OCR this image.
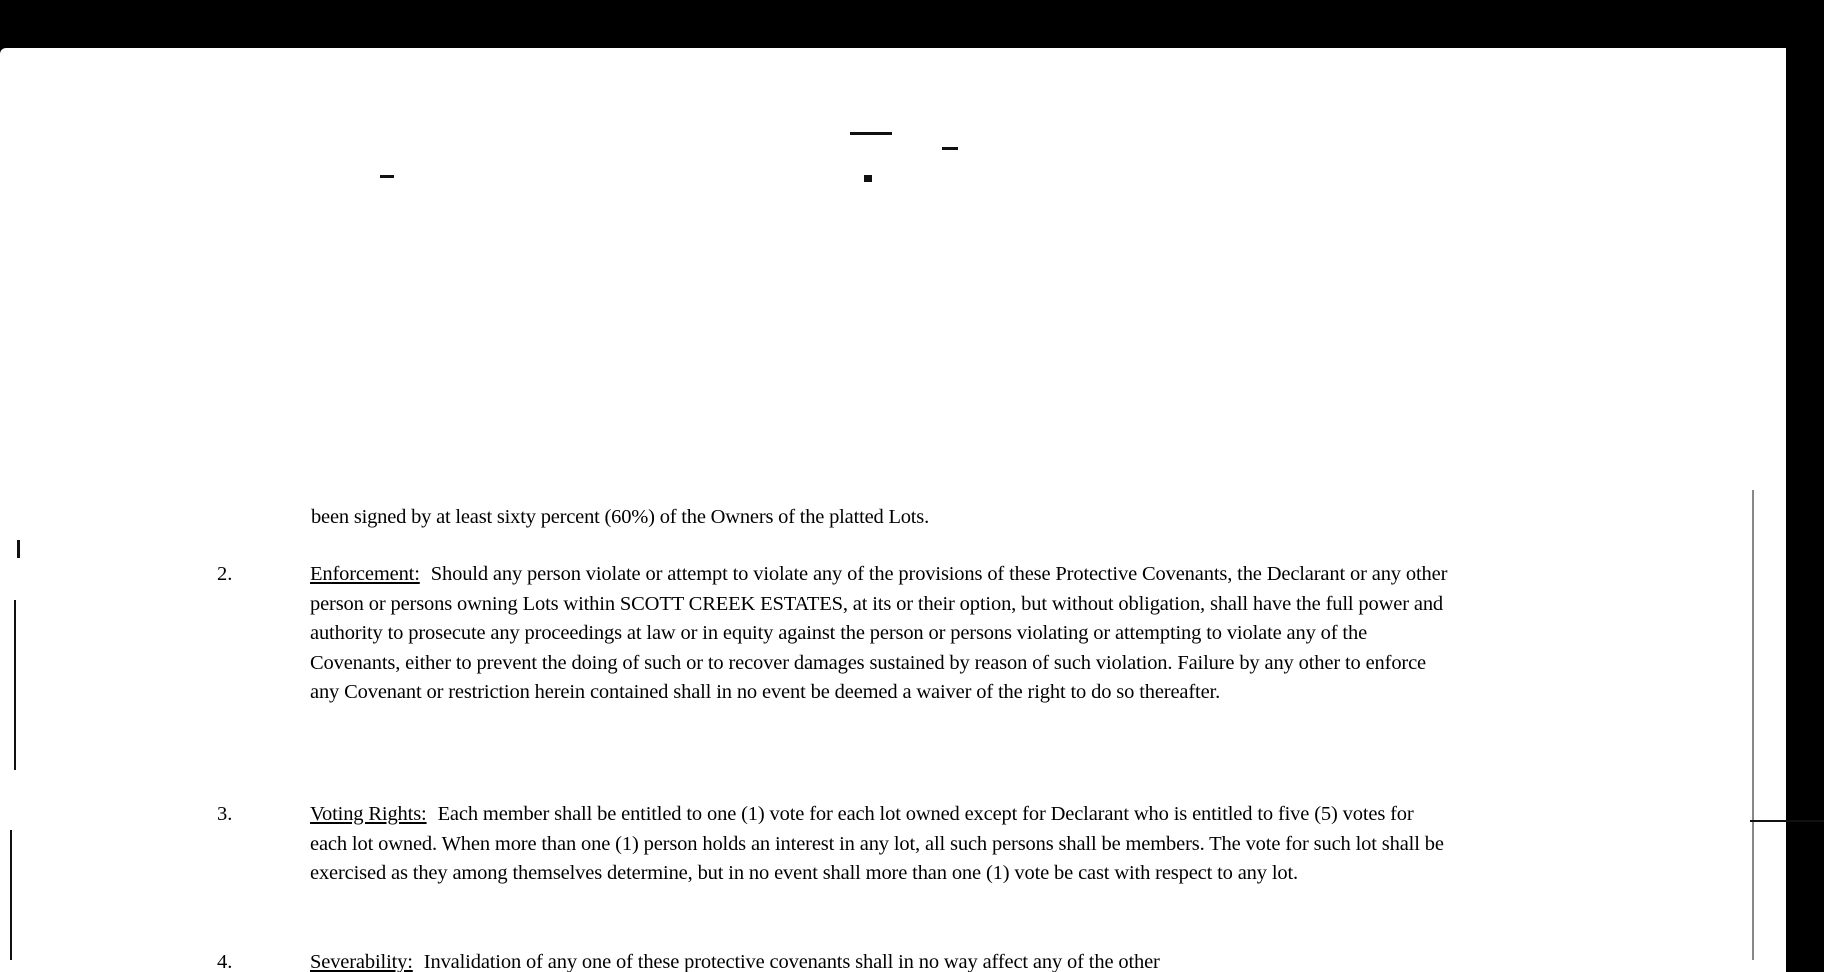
been signed by at least sixty percent (60%) of the Owners of the platted Lots.
2.	Enforcement: Should any person violate or attempt to violate any of the provisions of these Protective Covenants, the Declarant or any other person or persons owning Lots within SCOTT CREEK ESTATES, at its or their option, but without obligation, shall have the full power and authority to prosecute any proceedings at law or in equity against the person or persons violating or attempting to violate any of the Covenants, either to prevent the doing of such or to recover damages sustained by reason of such violation. Failure by any other to enforce any Covenant or restriction herein contained shall in no event be deemed a waiver of the right to do so thereafter.
3.	Voting Rights: Each member shall be entitled to one (1) vote for each lot owned except for Declarant who is entitled to five (5) votes for each lot owned. When more than one (1) person holds an interest in any lot, all such persons shall be members. The vote for such lot shall be exercised as they among themselves determine, but in no event shall more than one (1) vote be cast with respect to any lot.
4.	Severability: Invalidation of any one of these protective covenants shall in no way affect any of the other
